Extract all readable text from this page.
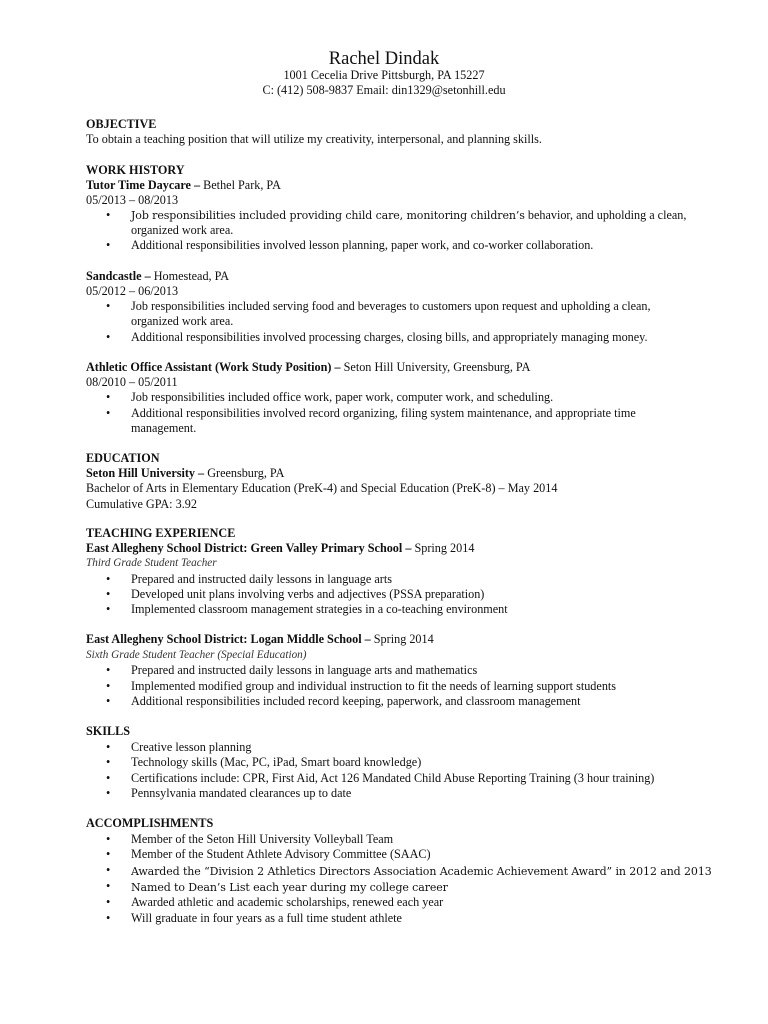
Rachel Dindak
1001 Cecelia Drive Pittsburgh, PA 15227
C: (412) 508-9837 Email: din1329@setonhill.edu
OBJECTIVE
To obtain a teaching position that will utilize my creativity, interpersonal, and planning skills.
WORK HISTORY
Tutor Time Daycare – Bethel Park, PA
05/2013 – 08/2013
• Job responsibilities included providing child care, monitoring children’s behavior, and upholding a clean,
organized work area.
• Additional responsibilities involved lesson planning, paper work, and co-worker collaboration.
Sandcastle – Homestead, PA
05/2012 – 06/2013
• Job responsibilities included serving food and beverages to customers upon request and upholding a clean,
organized work area.
• Additional responsibilities involved processing charges, closing bills, and appropriately managing money.
Athletic Office Assistant (Work Study Position) – Seton Hill University, Greensburg, PA
08/2010 – 05/2011
• Job responsibilities included office work, paper work, computer work, and scheduling.
• Additional responsibilities involved record organizing, filing system maintenance, and appropriate time
management.
EDUCATION
Seton Hill University – Greensburg, PA
Bachelor of Arts in Elementary Education (PreK-4) and Special Education (PreK-8) – May 2014
Cumulative GPA: 3.92
TEACHING EXPERIENCE
East Allegheny School District: Green Valley Primary School – Spring 2014
Third Grade Student Teacher
• Prepared and instructed daily lessons in language arts
• Developed unit plans involving verbs and adjectives (PSSA preparation)
• Implemented classroom management strategies in a co-teaching environment
East Allegheny School District: Logan Middle School – Spring 2014
Sixth Grade Student Teacher (Special Education)
• Prepared and instructed daily lessons in language arts and mathematics
• Implemented modified group and individual instruction to fit the needs of learning support students
• Additional responsibilities included record keeping, paperwork, and classroom management
SKILLS
• Creative lesson planning
• Technology skills (Mac, PC, iPad, Smart board knowledge)
• Certifications include: CPR, First Aid, Act 126 Mandated Child Abuse Reporting Training (3 hour training)
• Pennsylvania mandated clearances up to date
ACCOMPLISHMENTS
• Member of the Seton Hill University Volleyball Team
• Member of the Student Athlete Advisory Committee (SAAC)
• Awarded the “Division 2 Athletics Directors Association Academic Achievement Award” in 2012 and 2013
• Named to Dean’s List each year during my college career
• Awarded athletic and academic scholarships, renewed each year
• Will graduate in four years as a full time student athlete
